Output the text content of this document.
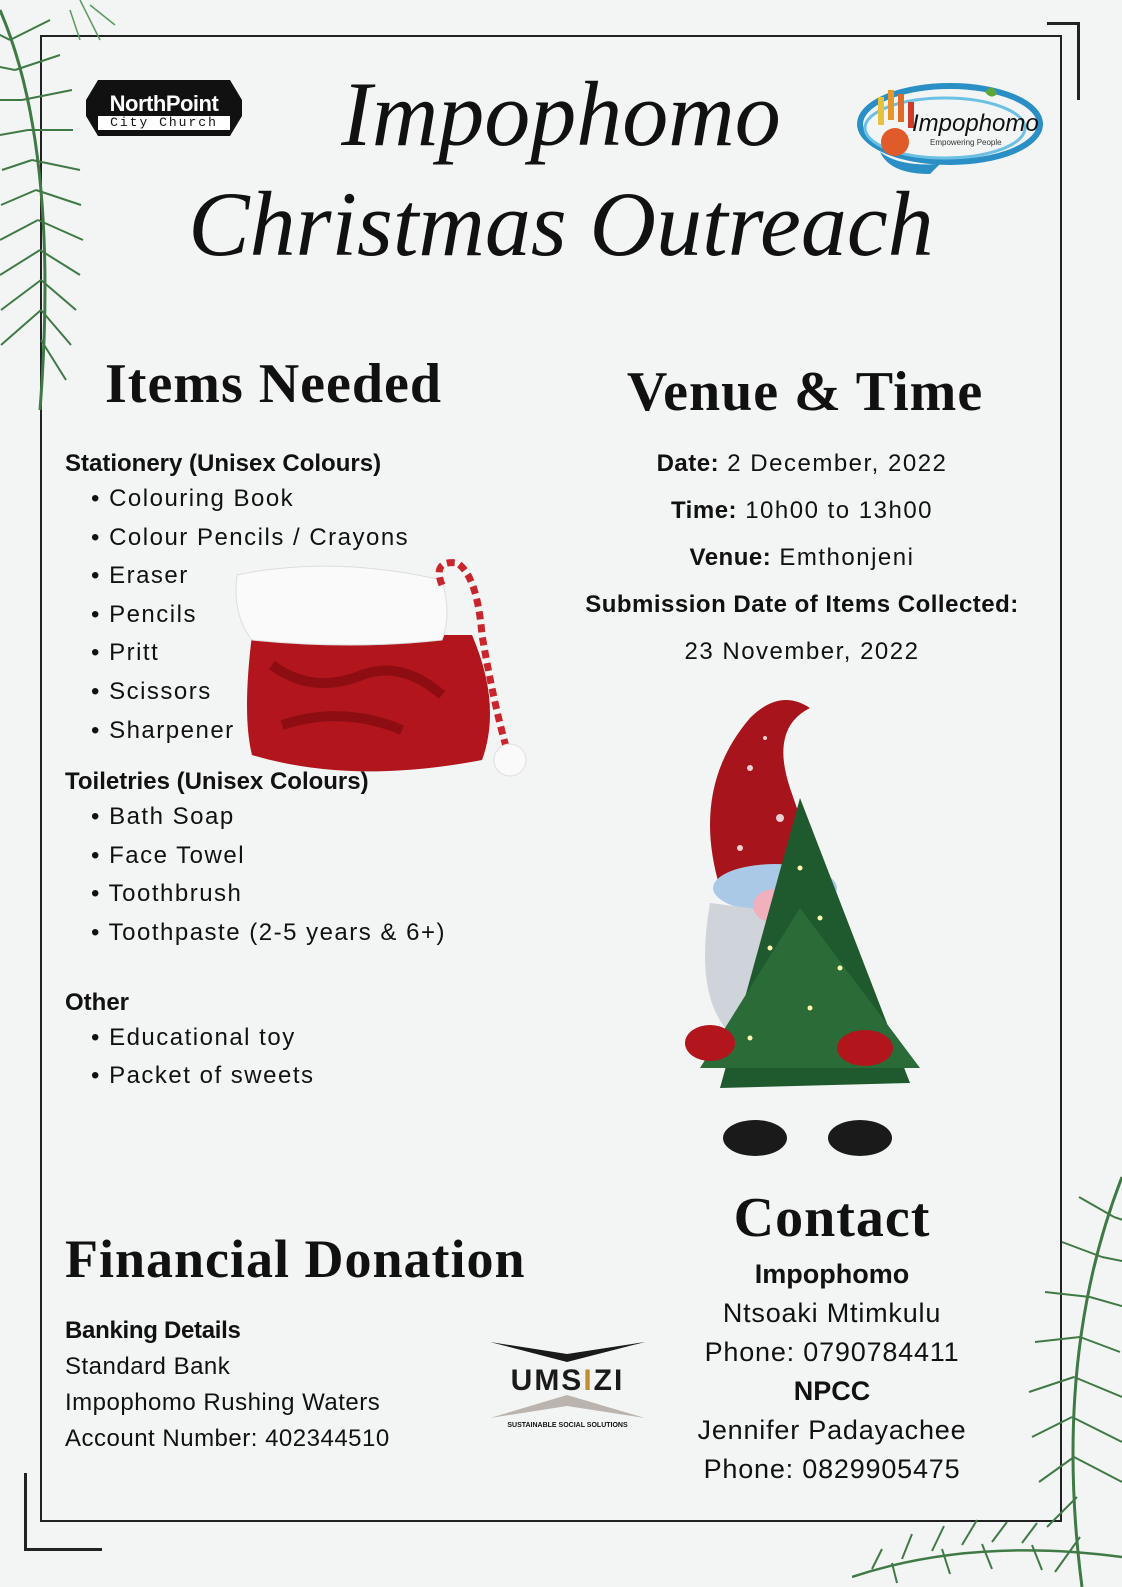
NorthPoint
City Church	Impophomo
Empowering People
Impophomo
Christmas Outreach
Items Needed

Stationery (Unisex Colours)

• Colouring Book
• Colour Pencils / Crayons
• Eraser
• Pencils
• Pritt
• Scissors
• Sharpener

Toiletries (Unisex Colours)

• Bath Soap
• Face Towel
• Toothbrush
• Toothpaste (2-5 years & 6+)

Other

• Educational toy
• Packet of sweets
Venue & Time
Date: 2 December, 2022
Time: 10h00 to 13h00
Venue: Emthonjeni
Submission Date of Items Collected:
23 November, 2022
Financial Donation
Banking Details
Standard Bank
Impophomo Rushing Waters
Account Number: 402344510
UMSIZI
SUSTAINABLE SOCIAL SOLUTIONS
Contact
Impophomo
Ntsoaki Mtimkulu
Phone: 0790784411
NPCC
Jennifer Padayachee
Phone: 0829905475
